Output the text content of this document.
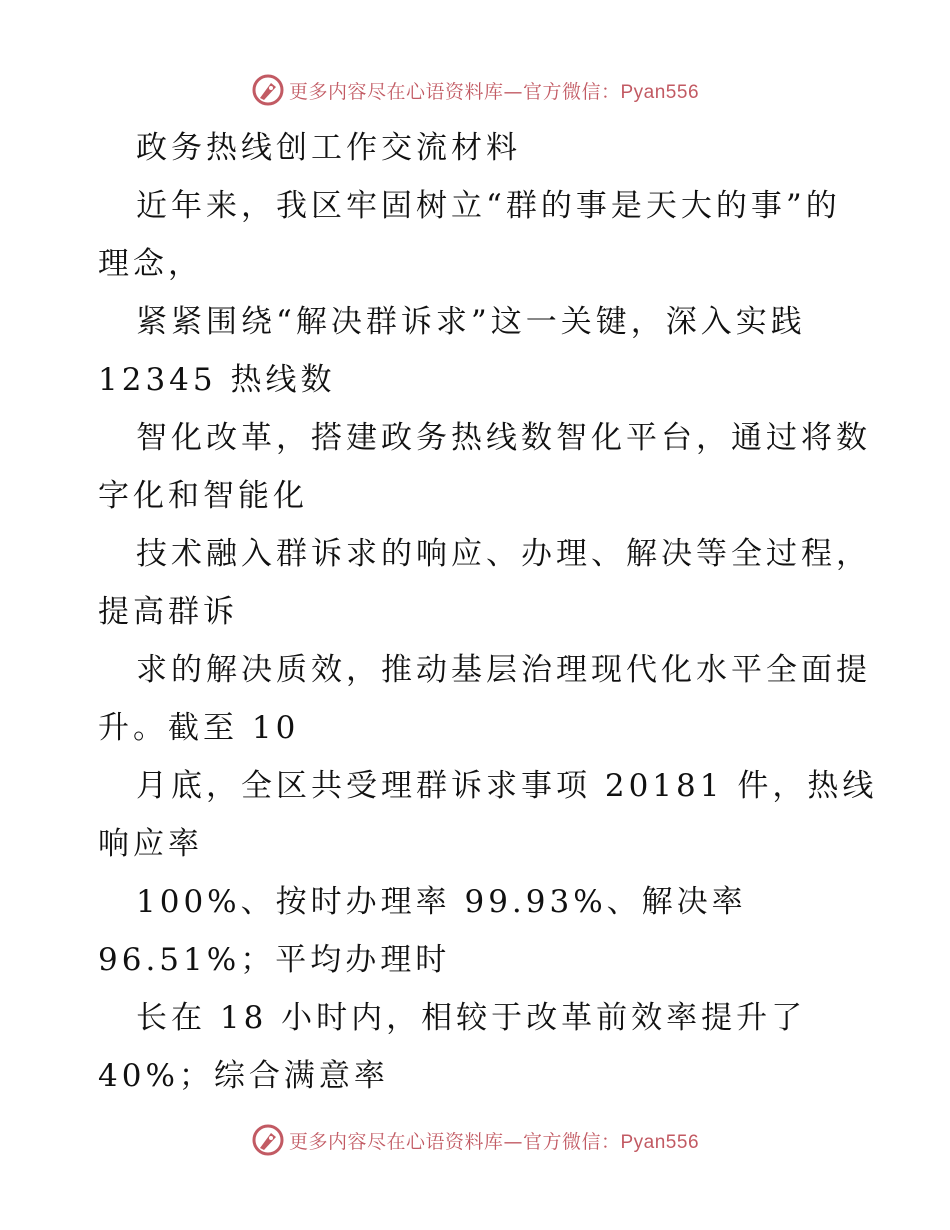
更多内容尽在心语资料库—官方微信：Pyan556
政务热线创工作交流材料
近年来，我区牢固树立“群的事是天大的事”的
理念，
紧紧围绕“解决群诉求”这一关键，深入实践
12345 热线数
智化改革，搭建政务热线数智化平台，通过将数
字化和智能化
技术融入群诉求的响应、办理、解决等全过程，
提高群诉
求的解决质效，推动基层治理现代化水平全面提
升。截至 10
月底，全区共受理群诉求事项 20181 件，热线
响应率
100%、按时办理率 99.93%、解决率
96.51%；平均办理时
长在 18 小时内，相较于改革前效率提升了
40%；综合满意率
更多内容尽在心语资料库—官方微信：Pyan556
